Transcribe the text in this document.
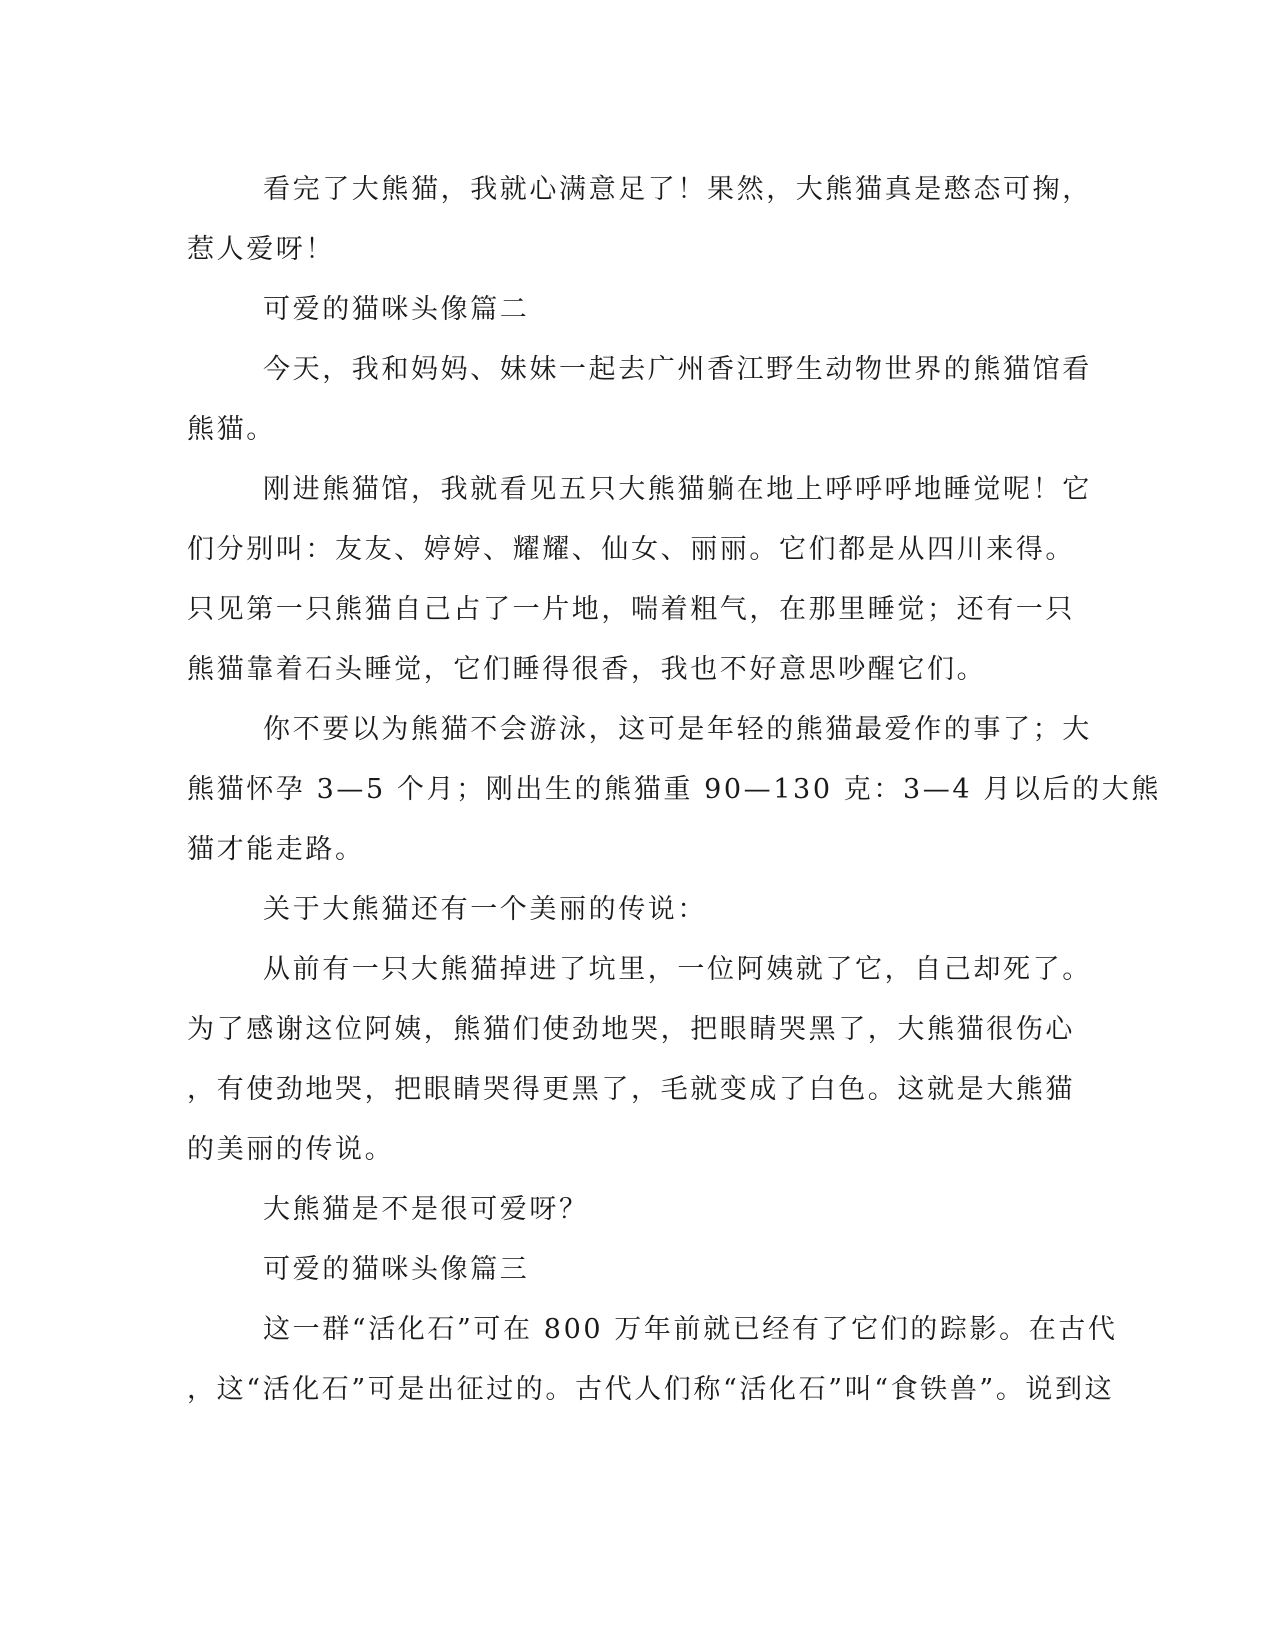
看完了大熊猫，我就心满意足了！果然，大熊猫真是憨态可掬，
惹人爱呀！
可爱的猫咪头像篇二
今天，我和妈妈、妹妹一起去广州香江野生动物世界的熊猫馆看
熊猫。
刚进熊猫馆，我就看见五只大熊猫躺在地上呼呼呼地睡觉呢！它
们分别叫：友友、婷婷、耀耀、仙女、丽丽。它们都是从四川来得。
只见第一只熊猫自己占了一片地，喘着粗气，在那里睡觉；还有一只
熊猫靠着石头睡觉，它们睡得很香，我也不好意思吵醒它们。
你不要以为熊猫不会游泳，这可是年轻的熊猫最爱作的事了；大
熊猫怀孕 3—5 个月；刚出生的熊猫重 90—130 克：3—4 月以后的大熊
猫才能走路。
关于大熊猫还有一个美丽的传说：
从前有一只大熊猫掉进了坑里，一位阿姨就了它，自己却死了。
为了感谢这位阿姨，熊猫们使劲地哭，把眼睛哭黑了，大熊猫很伤心
，有使劲地哭，把眼睛哭得更黑了，毛就变成了白色。这就是大熊猫
的美丽的传说。
大熊猫是不是很可爱呀？
可爱的猫咪头像篇三
这一群“活化石”可在 800 万年前就已经有了它们的踪影。在古代
，这“活化石”可是出征过的。古代人们称“活化石”叫“食铁兽”。说到这
